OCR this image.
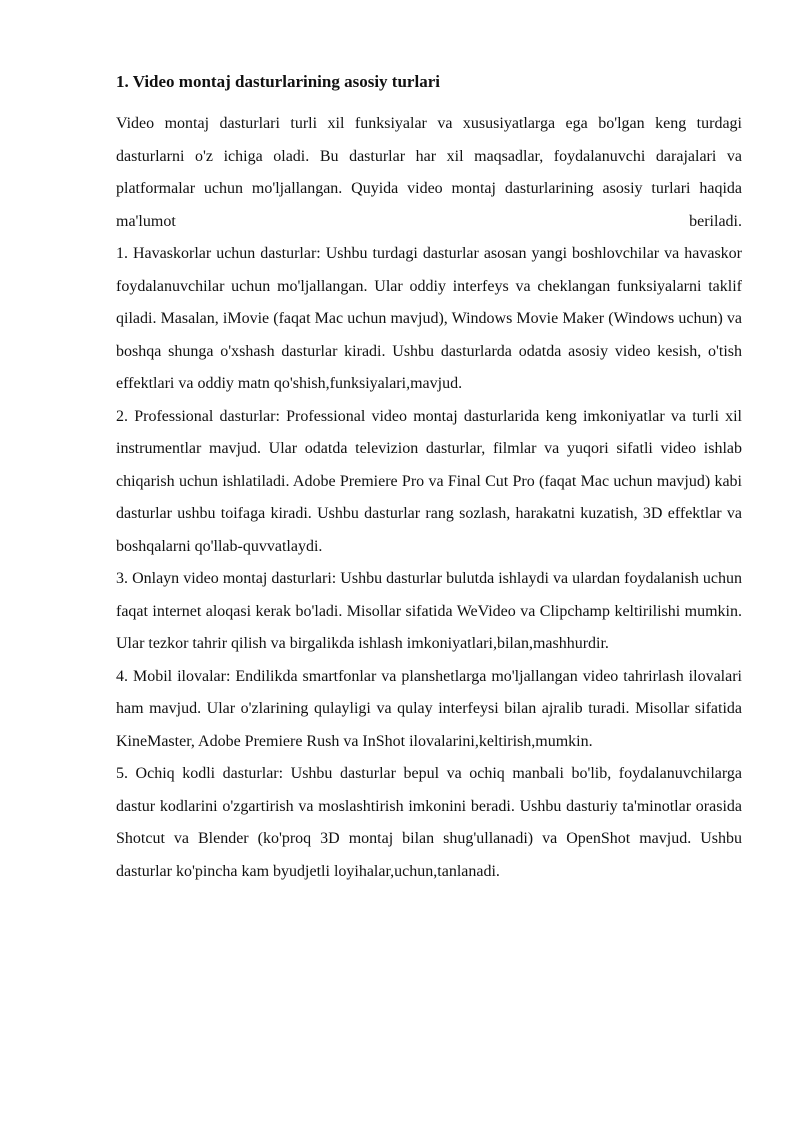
1. Video montaj dasturlarining asosiy turlari

Video montaj dasturlari turli xil funksiyalar va xususiyatlarga ega bo'lgan keng turdagi dasturlarni o'z ichiga oladi. Bu dasturlar har xil maqsadlar, foydalanuvchi darajalari va platformalar uchun mo'ljallangan. Quyida video montaj dasturlarining asosiy turlari haqida ma'lumot beriladi.

1. Havaskorlar uchun dasturlar: Ushbu turdagi dasturlar asosan yangi boshlovchilar va havaskor foydalanuvchilar uchun mo'ljallangan. Ular oddiy interfeys va cheklangan funksiyalarni taklif qiladi. Masalan, iMovie (faqat Mac uchun mavjud), Windows Movie Maker (Windows uchun) va boshqa shunga o'xshash dasturlar kiradi. Ushbu dasturlarda odatda asosiy video kesish, o'tish effektlari va oddiy matn qo'shish,funksiyalari,mavjud.

2. Professional dasturlar: Professional video montaj dasturlarida keng imkoniyatlar va turli xil instrumentlar mavjud. Ular odatda televizion dasturlar, filmlar va yuqori sifatli video ishlab chiqarish uchun ishlatiladi. Adobe Premiere Pro va Final Cut Pro (faqat Mac uchun mavjud) kabi dasturlar ushbu toifaga kiradi. Ushbu dasturlar rang sozlash, harakatni kuzatish, 3D effektlar va boshqalarni qo'llab-quvvatlaydi.

3. Onlayn video montaj dasturlari: Ushbu dasturlar bulutda ishlaydi va ulardan foydalanish uchun faqat internet aloqasi kerak bo'ladi. Misollar sifatida WeVideo va Clipchamp keltirilishi mumkin. Ular tezkor tahrir qilish va birgalikda ishlash imkoniyatlari,bilan,mashhurdir.

4. Mobil ilovalar: Endilikda smartfonlar va planshetlarga mo'ljallangan video tahrirlash ilovalari ham mavjud. Ular o'zlarining qulayligi va qulay interfeysi bilan ajralib turadi. Misollar sifatida KineMaster, Adobe Premiere Rush va InShot ilovalarini,keltirish,mumkin.

5. Ochiq kodli dasturlar: Ushbu dasturlar bepul va ochiq manbali bo'lib, foydalanuvchilarga dastur kodlarini o'zgartirish va moslashtirish imkonini beradi. Ushbu dasturiy ta'minotlar orasida Shotcut va Blender (ko'proq 3D montaj bilan shug'ullanadi) va OpenShot mavjud. Ushbu dasturlar ko'pincha kam byudjetli loyihalar,uchun,tanlanadi.
